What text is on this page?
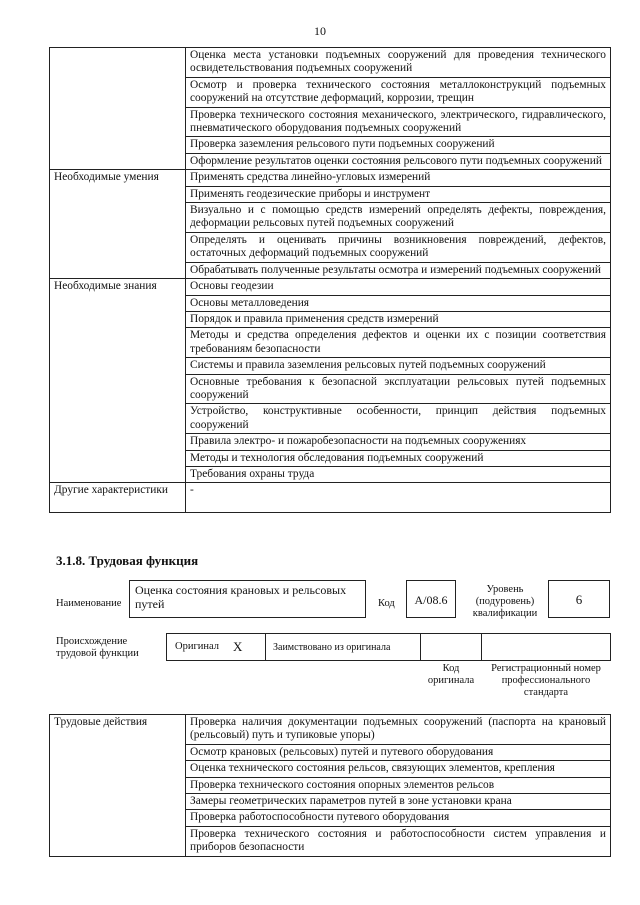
10
	Оценка места установки подъемных сооружений для проведения технического освидетельствования подъемных сооружений
	Осмотр и проверка технического состояния металлоконструкций подъемных сооружений на отсутствие деформаций, коррозии, трещин
	Проверка технического состояния механического, электрического, гидравлического, пневматического оборудования подъемных сооружений
	Проверка заземления рельсового пути подъемных сооружений
	Оформление результатов оценки состояния рельсового пути подъемных сооружений
Необходимые умения	Применять средства линейно-угловых измерений
	Применять геодезические приборы и инструмент
	Визуально и с помощью средств измерений определять дефекты, повреждения, деформации рельсовых путей подъемных сооружений
	Определять и оценивать причины возникновения повреждений, дефектов, остаточных деформаций подъемных сооружений
	Обрабатывать полученные результаты осмотра и измерений подъемных сооружений
Необходимые знания	Основы геодезии
	Основы металловедения
	Порядок и правила применения средств измерений
	Методы и средства определения дефектов и оценки их с позиции соответствия требованиям безопасности
	Системы и правила заземления рельсовых путей подъемных сооружений
	Основные требования к безопасной эксплуатации рельсовых путей подъемных сооружений
	Устройство, конструктивные особенности, принцип действия подъемных сооружений
	Правила электро- и пожаробезопасности на подъемных сооружениях
	Методы и технология обследования подъемных сооружений
	Требования охраны труда
Другие характеристики	-
3.1.8. Трудовая функция
Наименование
Оценка состояния крановых и рельсовых путей	Код	A/08.6
Уровень (подуровень) квалификации
6
Происхождение трудовой функции
Оригинал X	Заимствовано из оригинала
Код оригинала
Регистрационный номер профессионального стандарта
Трудовые действия	Проверка наличия документации подъемных сооружений (паспорта на крановый (рельсовый) путь и тупиковые упоры)
Осмотр крановых (рельсовых) путей и путевого оборудования
Оценка технического состояния рельсов, связующих элементов, крепления
Проверка технического состояния опорных элементов рельсов
Замеры геометрических параметров путей в зоне установки крана
Проверка работоспособности путевого оборудования
Проверка технического состояния и работоспособности систем управления и приборов безопасности
